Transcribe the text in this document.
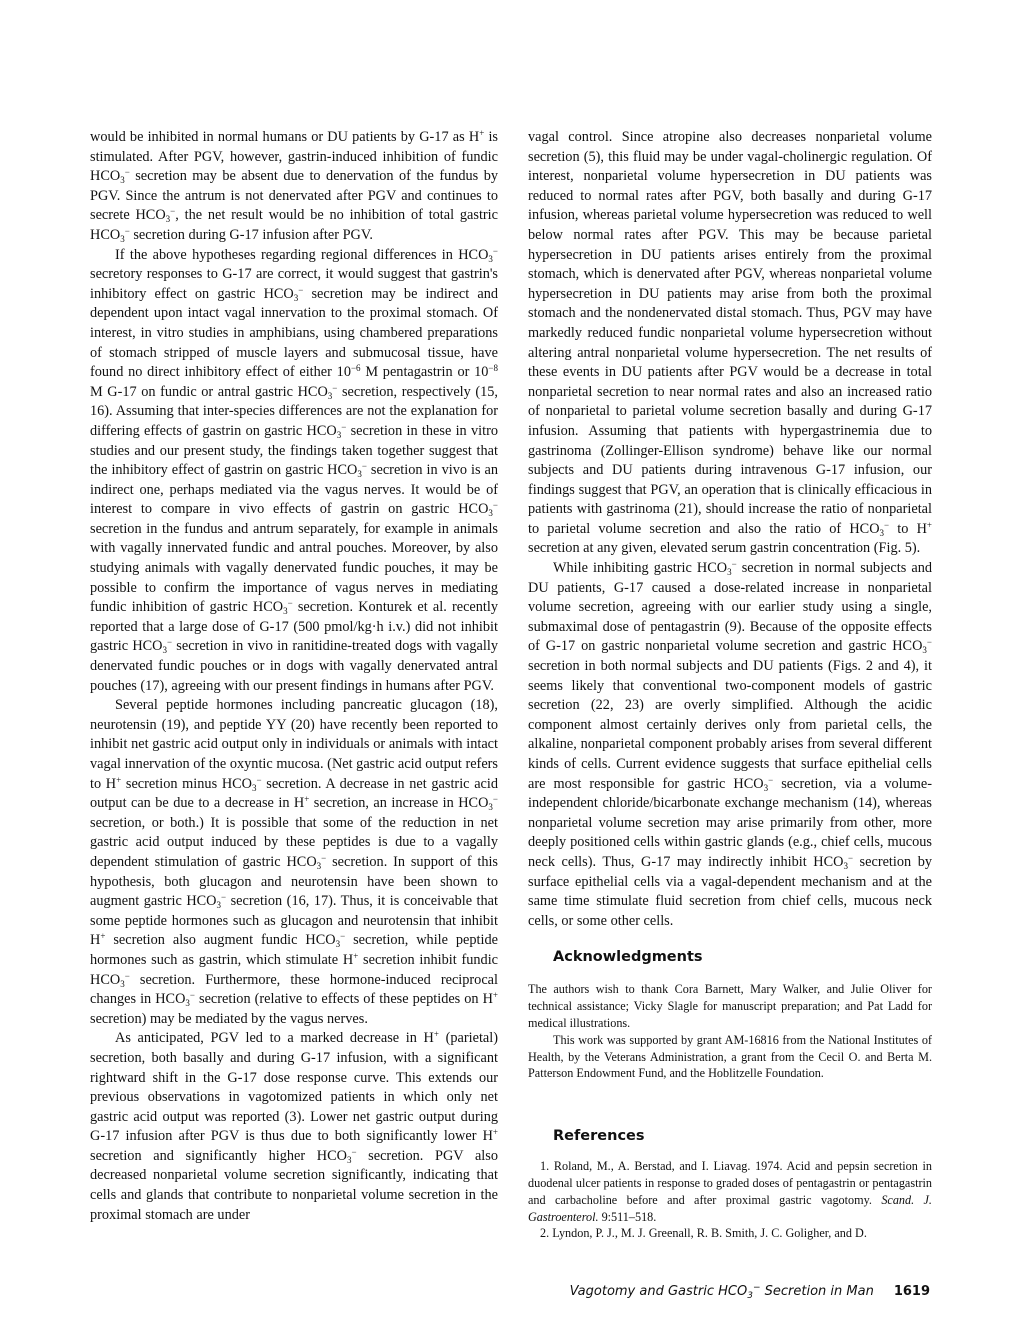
would be inhibited in normal humans or DU patients by G-17 as H+ is stimulated. After PGV, however, gastrin-induced inhibition of fundic $HCO_3^-$ secretion may be absent due to denervation of the fundus by PGV. Since the antrum is not denervated after PGV and continues to secrete $HCO_3^-$, the net result would be no inhibition of total gastric $HCO_3^-$ secretion during G-17 infusion after PGV.

If the above hypotheses regarding regional differences in $HCO_3^-$ secretory responses to G-17 are correct, it would suggest that gastrin's inhibitory effect on gastric $HCO_3^-$ secretion may be indirect and dependent upon intact vagal innervation to the proximal stomach. Of interest, in vitro studies in amphibians, using chambered preparations of stomach stripped of muscle layers and submucosal tissue, have found no direct inhibitory effect of either $10^{-6}$ M pentagastrin or $10^{-8}$ M G-17 on fundic or antral gastric $HCO_3^-$ secretion, respectively (15, 16). Assuming that inter-species differences are not the explanation for differing effects of gastrin on gastric $HCO_3^-$ secretion in these in vitro studies and our present study, the findings taken together suggest that the inhibitory effect of gastrin on gastric $HCO_3^-$ secretion in vivo is an indirect one, perhaps mediated via the vagus nerves. It would be of interest to compare in vivo effects of gastrin on gastric $HCO_3^-$ secretion in the fundus and antrum separately, for example in animals with vagally innervated fundic and antral pouches. Moreover, by also studying animals with vagally denervated fundic pouches, it may be possible to confirm the importance of vagus nerves in mediating fundic inhibition of gastric $HCO_3^-$ secretion. Konturek et al. recently reported that a large dose of G-17 (500 pmol/kg·h i.v.) did not inhibit gastric $HCO_3^-$ secretion in vivo in ranitidine-treated dogs with vagally denervated fundic pouches or in dogs with vagally denervated antral pouches (17), agreeing with our present findings in humans after PGV.

Several peptide hormones including pancreatic glucagon (18), neurotensin (19), and peptide YY (20) have recently been reported to inhibit net gastric acid output only in individuals or animals with intact vagal innervation of the oxyntic mucosa. (Net gastric acid output refers to H+ secretion minus $HCO_3^-$ secretion. A decrease in net gastric acid output can be due to a decrease in H+ secretion, an increase in $HCO_3^-$ secretion, or both.) It is possible that some of the reduction in net gastric acid output induced by these peptides is due to a vagally dependent stimulation of gastric $HCO_3^-$ secretion. In support of this hypothesis, both glucagon and neurotensin have been shown to augment gastric $HCO_3^-$ secretion (16, 17). Thus, it is conceivable that some peptide hormones such as glucagon and neurotensin that inhibit H+ secretion also augment fundic $HCO_3^-$ secretion, while peptide hormones such as gastrin, which stimulate H+ secretion inhibit fundic $HCO_3^-$ secretion. Furthermore, these hormone-induced reciprocal changes in $HCO_3^-$ secretion (relative to effects of these peptides on H+ secretion) may be mediated by the vagus nerves.

As anticipated, PGV led to a marked decrease in H+ (parietal) secretion, both basally and during G-17 infusion, with a significant rightward shift in the G-17 dose response curve. This extends our previous observations in vagotomized patients in which only net gastric acid output was reported (3). Lower net gastric output during G-17 infusion after PGV is thus due to both significantly lower H+ secretion and significantly higher $HCO_3^-$ secretion. PGV also decreased nonparietal volume secretion significantly, indicating that cells and glands that contribute to nonparietal volume secretion in the proximal stomach are under

vagal control. Since atropine also decreases nonparietal volume secretion (5), this fluid may be under vagal-cholinergic regulation. Of interest, nonparietal volume hypersecretion in DU patients was reduced to normal rates after PGV, both basally and during G-17 infusion, whereas parietal volume hypersecretion was reduced to well below normal rates after PGV. This may be because parietal hypersecretion in DU patients arises entirely from the proximal stomach, which is denervated after PGV, whereas nonparietal volume hypersecretion in DU patients may arise from both the proximal stomach and the nondenervated distal stomach. Thus, PGV may have markedly reduced fundic nonparietal volume hypersecretion without altering antral nonparietal volume hypersecretion. The net results of these events in DU patients after PGV would be a decrease in total nonparietal secretion to near normal rates and also an increased ratio of nonparietal to parietal volume secretion basally and during G-17 infusion. Assuming that patients with hypergastrinemia due to gastrinoma (Zollinger-Ellison syndrome) behave like our normal subjects and DU patients during intravenous G-17 infusion, our findings suggest that PGV, an operation that is clinically efficacious in patients with gastrinoma (21), should increase the ratio of nonparietal to parietal volume secretion and also the ratio of $HCO_3^-$ to H+ secretion at any given, elevated serum gastrin concentration (Fig. 5).

While inhibiting gastric $HCO_3^-$ secretion in normal subjects and DU patients, G-17 caused a dose-related increase in nonparietal volume secretion, agreeing with our earlier study using a single, submaximal dose of pentagastrin (9). Because of the opposite effects of G-17 on gastric nonparietal volume secretion and gastric $HCO_3^-$ secretion in both normal subjects and DU patients (Figs. 2 and 4), it seems likely that conventional two-component models of gastric secretion (22, 23) are overly simplified. Although the acidic component almost certainly derives only from parietal cells, the alkaline, nonparietal component probably arises from several different kinds of cells. Current evidence suggests that surface epithelial cells are most responsible for gastric $HCO_3^-$ secretion, via a volume-independent chloride/bicarbonate exchange mechanism (14), whereas nonparietal volume secretion may arise primarily from other, more deeply positioned cells within gastric glands (e.g., chief cells, mucous neck cells). Thus, G-17 may indirectly inhibit $HCO_3^-$ secretion by surface epithelial cells via a vagal-dependent mechanism and at the same time stimulate fluid secretion from chief cells, mucous neck cells, or some other cells.

Acknowledgments

The authors wish to thank Cora Barnett, Mary Walker, and Julie Oliver for technical assistance; Vicky Slagle for manuscript preparation; and Pat Ladd for medical illustrations.

This work was supported by grant AM-16816 from the National Institutes of Health, by the Veterans Administration, a grant from the Cecil O. and Berta M. Patterson Endowment Fund, and the Hoblitzelle Foundation.

References

1. Roland, M., A. Berstad, and I. Liavag. 1974. Acid and pepsin secretion in duodenal ulcer patients in response to graded doses of pentagastrin or pentagastrin and carbacholine before and after proximal gastric vagotomy. Scand. J. Gastroenterol. 9:511–518.

2. Lyndon, P. J., M. J. Greenall, R. B. Smith, J. C. Goligher, and D.

Vagotomy and Gastric $HCO_3^-$ Secretion in Man 1619
